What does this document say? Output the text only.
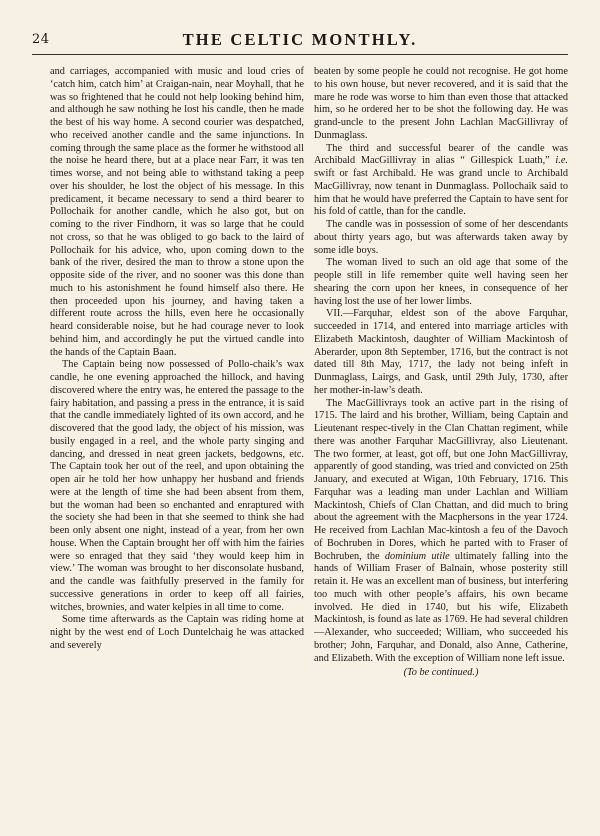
24	THE CELTIC MONTHLY.

and carriages, accompanied with music and loud cries of ‘catch him, catch him’ at Craigan-nain, near Moyhall, that he was so frightened that he could not help looking behind him, and although he saw nothing he lost his candle, then he made the best of his way home. A second courier was despatched, who received another candle and the same injunctions. In coming through the same place as the former he withstood all the noise he heard there, but at a place near Farr, it was ten times worse, and not being able to withstand taking a peep over his shoulder, he lost the object of his message. In this predicament, it became necessary to send a third bearer to Pollochaik for another candle, which he also got, but on coming to the river Findhorn, it was so large that he could not cross, so that he was obliged to go back to the laird of Pollochaik for his advice, who, upon coming down to the bank of the river, desired the man to throw a stone upon the opposite side of the river, and no sooner was this done than much to his astonishment he found himself also there. He then proceeded upon his journey, and having taken a different route across the hills, even here he occasionally heard considerable noise, but he had courage never to look behind him, and accordingly he put the virtued candle into the hands of the Captain Baan.

The Captain being now possessed of Pollo-chaik’s wax candle, he one evening approached the hillock, and having discovered where the entry was, he entered the passage to the fairy habitation, and passing a press in the entrance, it is said that the candle immediately lighted of its own accord, and he discovered that the good lady, the object of his mission, was busily engaged in a reel, and the whole party singing and dancing, and dressed in neat green jackets, bedgowns, etc. The Captain took her out of the reel, and upon obtaining the open air he told her how unhappy her husband and friends were at the length of time she had been absent from them, but the woman had been so enchanted and enraptured with the society she had been in that she seemed to think she had been only absent one night, instead of a year, from her own house. When the Captain brought her off with him the fairies were so enraged that they said ‘they would keep him in view.’ The woman was brought to her disconsolate husband, and the candle was faithfully preserved in the family for successive generations in order to keep off all fairies, witches, brownies, and water kelpies in all time to come.

Some time afterwards as the Captain was riding home at night by the west end of Loch Duntelchaig he was attacked and severely

beaten by some people he could not recognise. He got home to his own house, but never recovered, and it is said that the mare he rode was worse to him than even those that attacked him, so he ordered her to be shot the following day. He was grand-uncle to the present John Lachlan MacGillivray of Dunmaglass.

The third and successful bearer of the candle was Archibald MacGillivray in alias “ Gillespick Luath,” i.e. swift or fast Archibald. He was grand uncle to Archibald MacGillivray, now tenant in Dunmaglass. Pollochaik said to him that he would have preferred the Captain to have sent for his fold of cattle, than for the candle.

The candle was in possession of some of her descendants about thirty years ago, but was afterwards taken away by some idle boys.

The woman lived to such an old age that some of the people still in life remember quite well having seen her shearing the corn upon her knees, in consequence of her having lost the use of her lower limbs.

VII.—Farquhar, eldest son of the above Farquhar, succeeded in 1714, and entered into marriage articles with Elizabeth Mackintosh, daughter of William Mackintosh of Aberarder, upon 8th September, 1716, but the contract is not dated till 8th May, 1717, the lady not being infeft in Dunmaglass, Lairgs, and Gask, until 29th July, 1730, after her mother-in-law’s death.

The MacGillivrays took an active part in the rising of 1715. The laird and his brother, William, being Captain and Lieutenant respec-tively in the Clan Chattan regiment, while there was another Farquhar MacGillivray, also Lieutenant. The two former, at least, got off, but one John MacGillivray, apparently of good standing, was tried and convicted on 25th January, and executed at Wigan, 10th February, 1716. This Farquhar was a leading man under Lachlan and William Mackintosh, Chiefs of Clan Chattan, and did much to bring about the agreement with the Macphersons in the year 1724. He received from Lachlan Mac-kintosh a feu of the Davoch of Bochruben in Dores, which he parted with to Fraser of Bochruben, the dominium utile ultimately falling into the hands of William Fraser of Balnain, whose posterity still retain it. He was an excellent man of business, but interfering too much with other people’s affairs, his own became involved. He died in 1740, but his wife, Elizabeth Mackintosh, is found as late as 1769. He had several children—Alexander, who succeeded; William, who succeeded his brother; John, Farquhar, and Donald, also Anne, Catherine, and Elizabeth. With the exception of William none left issue.

(To be continued.)
